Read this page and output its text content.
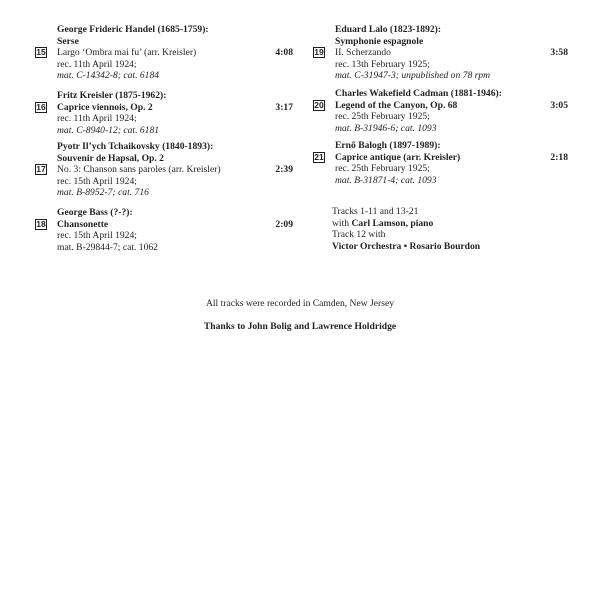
George Frideric Handel (1685-1759):
Serse
15	4:08
Largo ‘Ombra mai fu’ (arr. Kreisler)
rec. 11th April 1924;
mat. C-14342-8; cat. 6184
Fritz Kreisler (1875-1962):
16	3:17
Caprice viennois, Op. 2
rec. 11th April 1924;
mat. C-8940-12; cat. 6181
Pyotr Il’ych Tchaikovsky (1840-1893):
Souvenir de Hapsal, Op. 2
17	2:39
No. 3: Chanson sans paroles (arr. Kreisler)
rec. 15th April 1924;
mat. B-8952-7; cat. 716
George Bass (?-?):
18	2:09
Chansonette
rec. 15th April 1924;
mat. B-29844-7; cat. 1062
Eduard Lalo (1823-1892):
Symphonie espagnole
19	3:58
II. Scherzando
rec. 13th February 1925;
mat. C-31947-3; unpublished on 78 rpm
Charles Wakefield Cadman (1881-1946):
20	3:05
Legend of the Canyon, Op. 68
rec. 25th February 1925;
mat. B-31946-6; cat. 1093
Ernő Balogh (1897-1989):
21	2:18
Caprice antique (arr. Kreisler)
rec. 25th February 1925;
mat. B-31871-4; cat. 1093
Tracks 1-11 and 13-21
with Carl Lamson, piano
Track 12 with
Victor Orchestra • Rosario Bourdon
All tracks were recorded in Camden, New Jersey
Thanks to John Bolig and Lawrence Holdridge
